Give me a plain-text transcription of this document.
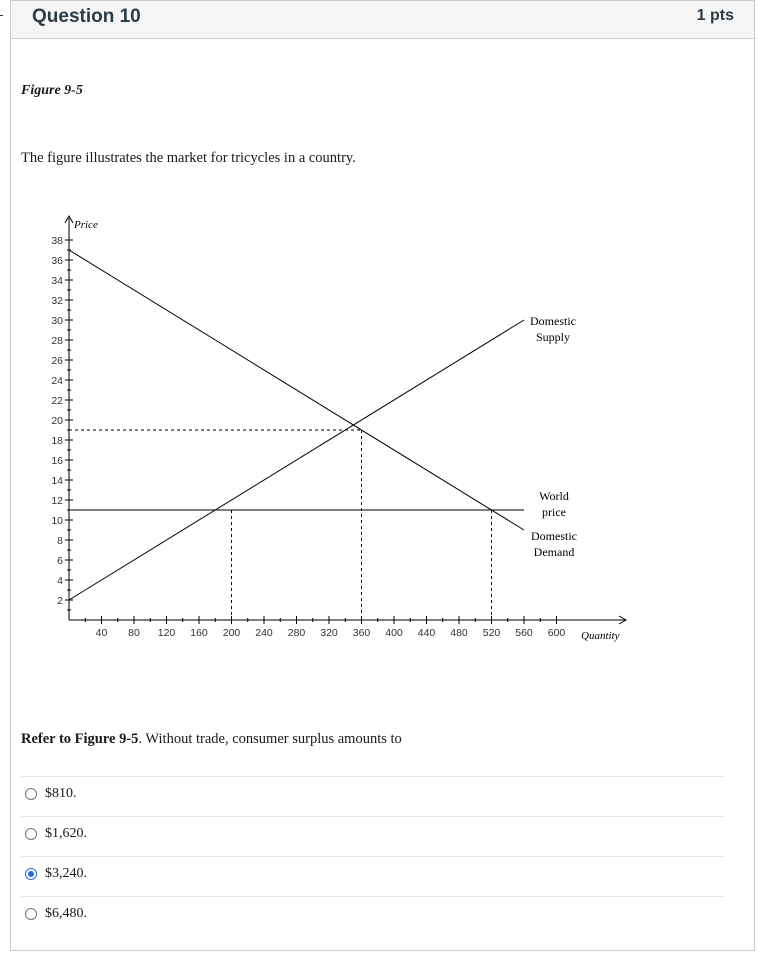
Question 10	1 pts
Figure 9-5
The figure illustrates the market for tricycles in a country.
2
4
6
8
10
12
14
16
18
20
22
24
26
28
30
32
34
36
38
40 80 120 160 200 240 280 320 360 400 440 480 520 560 600
Price
Quantity
Domestic
Supply
World
price
Domestic
Demand
Refer to Figure 9-5. Without trade, consumer surplus amounts to
$810.
$1,620.
$3,240.
$6,480.
